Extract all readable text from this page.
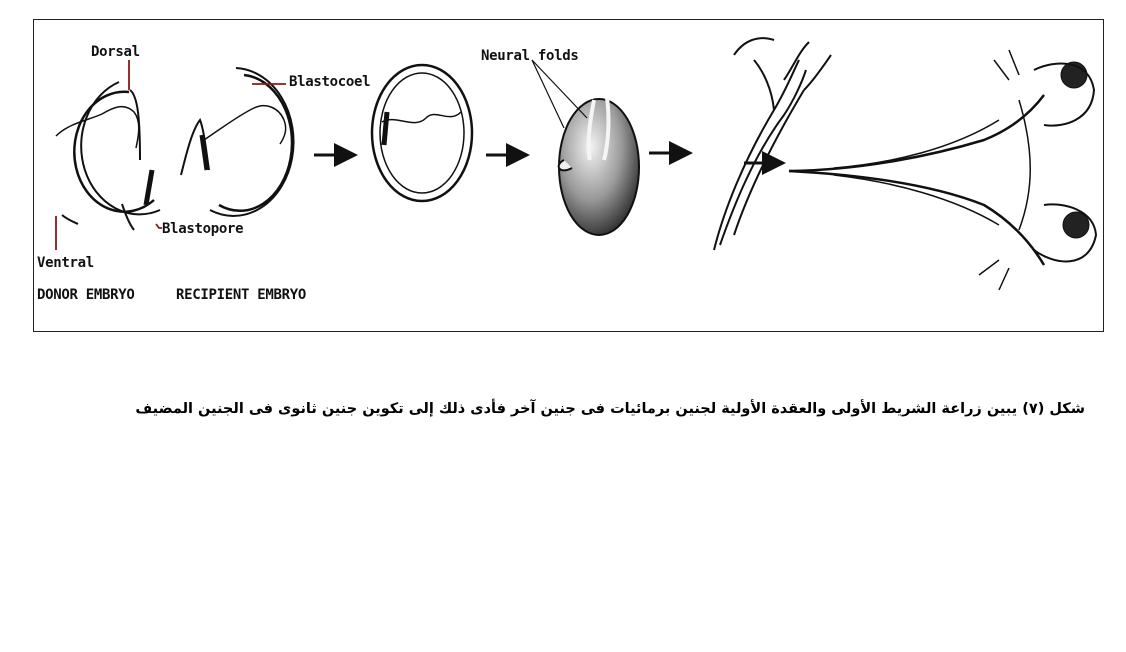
Dorsal
Blastocoel
Neural folds
Blastopore
Ventral
DONOR EMBRYO	RECIPIENT EMBRYO
شكل (٧) يبين زراعة الشريط الأولى والعقدة الأولية لجنين برمائيات فى جنين آخر فأدى ذلك إلى تكوين جنين ثانوى فى الجنين المضيف
